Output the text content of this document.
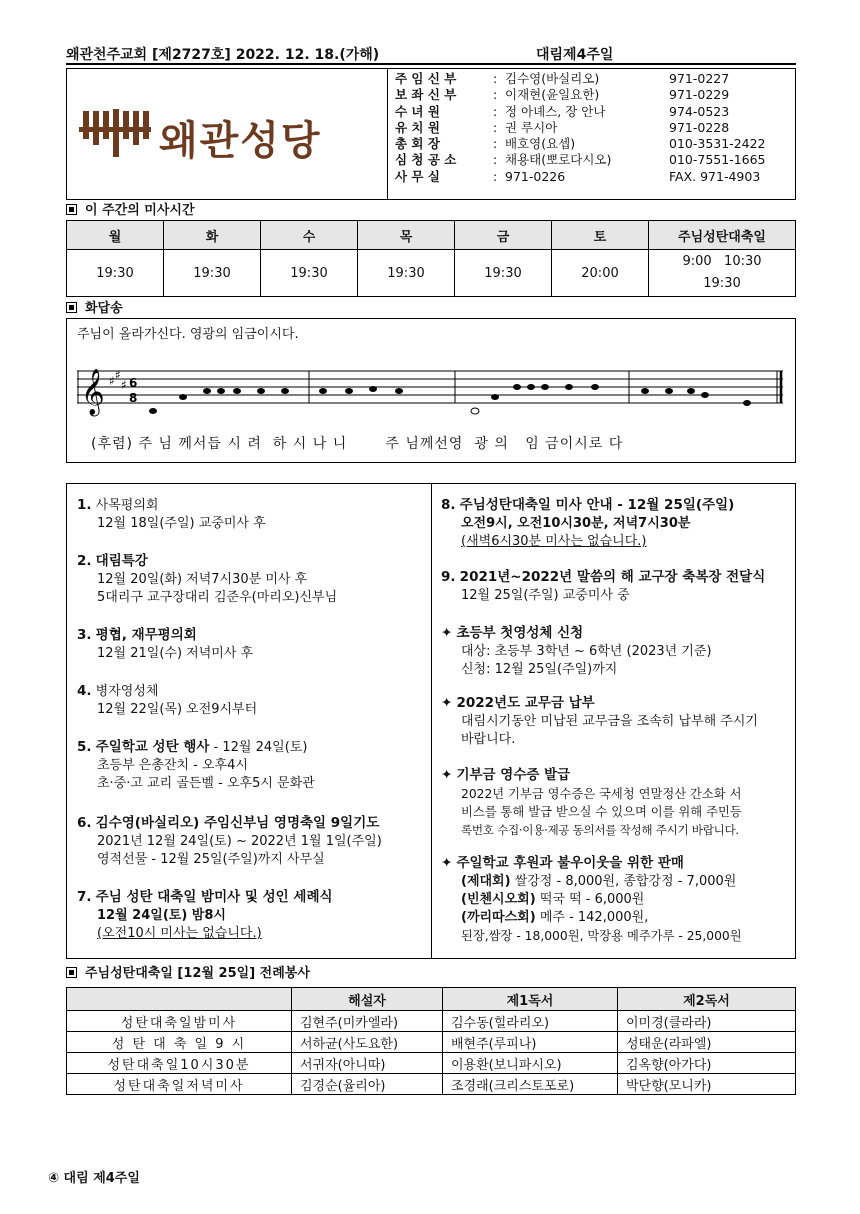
왜관천주교회 [제2727호] 2022. 12. 18.(가해)	대림제4주일
왜관성당
주 임 신 부	: 김수영(바실리오)	971-0227
보 좌 신 부	: 이재현(윤일요한)	971-0229
수 녀 원	: 정 아녜스, 장 안나	974-0523
유 치 원	: 권 루시아	971-0228
총 회 장	: 배호영(요셉)	010-3531-2422
심 청 공 소	: 채용태(뽀로다시오)	010-7551-1665
사 무 실	: 971-0226	FAX. 971-4903
이 주간의 미사시간
월	화	수	목	금	토	주님성탄대축일
19:30	19:30	19:30	19:30	19:30	20:00	9:00   10:30
19:30
화답송
주님이 올라가신다. 영광의 임금이시다.
𝄞 ♯ ♯
♯ 6
8
(후렴) 주 님 께서듭 시 려  하 시 나 니       주 님께선영  광 의   임 금이시로 다
1. 사목평의회
12월 18일(주일) 교중미사 후
2. 대림특강
12월 20일(화) 저녁7시30분 미사 후
5대리구 교구장대리 김준우(마리오)신부님
3. 평협, 재무평의회
12월 21일(수) 저녁미사 후
4. 병자영성체
12월 22일(목) 오전9시부터
5. 주일학교 성탄 행사 - 12월 24일(토)
초등부 은총잔치 - 오후4시
초·중·고 교리 골든벨 - 오후5시 문화관
6. 김수영(바실리오) 주임신부님 영명축일 9일기도
2021년 12월 24일(토) ~ 2022년 1월 1일(주일)
영적선물 - 12월 25일(주일)까지 사무실
7. 주님 성탄 대축일 밤미사 및 성인 세례식
12월 24일(토) 밤8시
(오전10시 미사는 없습니다.)
8. 주님성탄대축일 미사 안내 - 12월 25일(주일)
오전9시, 오전10시30분, 저녁7시30분
(새벽6시30분 미사는 없습니다.)
9. 2021년~2022년 말씀의 해 교구장 축복장 전달식
12월 25일(주일) 교중미사 중
✦ 초등부 첫영성체 신청
대상: 초등부 3학년 ~ 6학년 (2023년 기준)
신청: 12월 25일(주일)까지
✦ 2022년도 교무금 납부
대림시기동안 미납된 교무금을 조속히 납부해 주시기
바랍니다.
✦ 기부금 영수증 발급
2022년 기부금 영수증은 국세청 연말정산 간소화 서
비스를 통해 발급 받으실 수 있으며 이를 위해 주민등
록번호 수집·이용·제공 동의서를 작성해 주시기 바랍니다.
✦ 주일학교 후원과 불우이웃을 위한 판매
(제대회) 쌀강정 - 8,000원, 종합강정 - 7,000원
(빈첸시오회) 떡국 떡 - 6,000원
(까리따스회) 메주 - 142,000원,
된장,쌈장 - 18,000원, 막장용 메주가루 - 25,000원
주님성탄대축일 [12월 25일] 전례봉사
	해설자	제1독서	제2독서
성탄대축일밤미사	김현주(미카엘라)	김수동(힐라리오)	이미경(클라라)
성 탄 대 축 일 9 시	서하균(사도요한)	배현주(루피나)	성태운(라파엘)
성탄대축일10시30분	서귀자(아니따)	이용환(보니파시오)	김옥향(아가다)
성탄대축일저녁미사	김경순(율리아)	조경래(크리스토포로)	박단향(모니카)
④ 대림 제4주일
